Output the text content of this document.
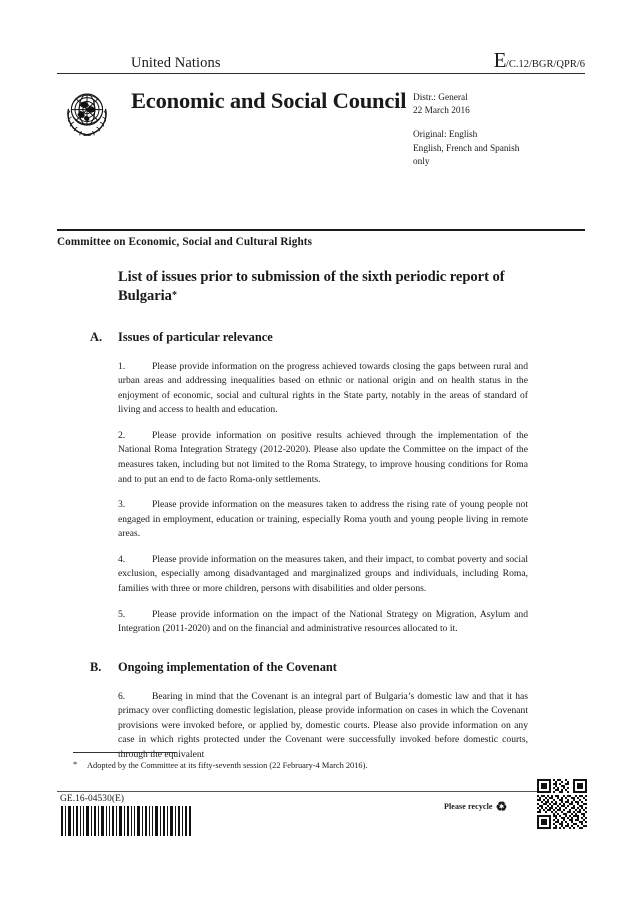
United Nations	E /C.12/BGR/QPR/6
Economic and Social Council Distr.: General
22 March 2016
Original: English
English, French and Spanish
only
Committee on Economic, Social and Cultural Rights
List of issues prior to submission of the sixth periodic report of Bulgaria*
A.	Issues of particular relevance
1.	Please provide information on the progress achieved towards closing the gaps between rural and urban areas and addressing inequalities based on ethnic or national origin and on health status in the enjoyment of economic, social and cultural rights in the State party, notably in the areas of standard of living and access to health and education.
2.	Please provide information on positive results achieved through the implementation of the National Roma Integration Strategy (2012-2020). Please also update the Committee on the impact of the measures taken, including but not limited to the Roma Strategy, to improve housing conditions for Roma and to put an end to de facto Roma-only settlements.
3.	Please provide information on the measures taken to address the rising rate of young people not engaged in employment, education or training, especially Roma youth and young people living in remote areas.
4.	Please provide information on the measures taken, and their impact, to combat poverty and social exclusion, especially among disadvantaged and marginalized groups and individuals, including Roma, families with three or more children, persons with disabilities and older persons.
5.	Please provide information on the impact of the National Strategy on Migration, Asylum and Integration (2011-2020) and on the financial and administrative resources allocated to it.
B.	Ongoing implementation of the Covenant
6.	Bearing in mind that the Covenant is an integral part of Bulgaria’s domestic law and that it has primacy over conflicting domestic legislation, please provide information on cases in which the Covenant provisions were invoked before, or applied by, domestic courts. Please also provide information on any case in which rights protected under the Covenant were successfully invoked before domestic courts, through the equivalent
* Adopted by the Committee at its fifty-seventh session (22 February-4 March 2016).
GE.16-04530(E)
Please recycle ♻
